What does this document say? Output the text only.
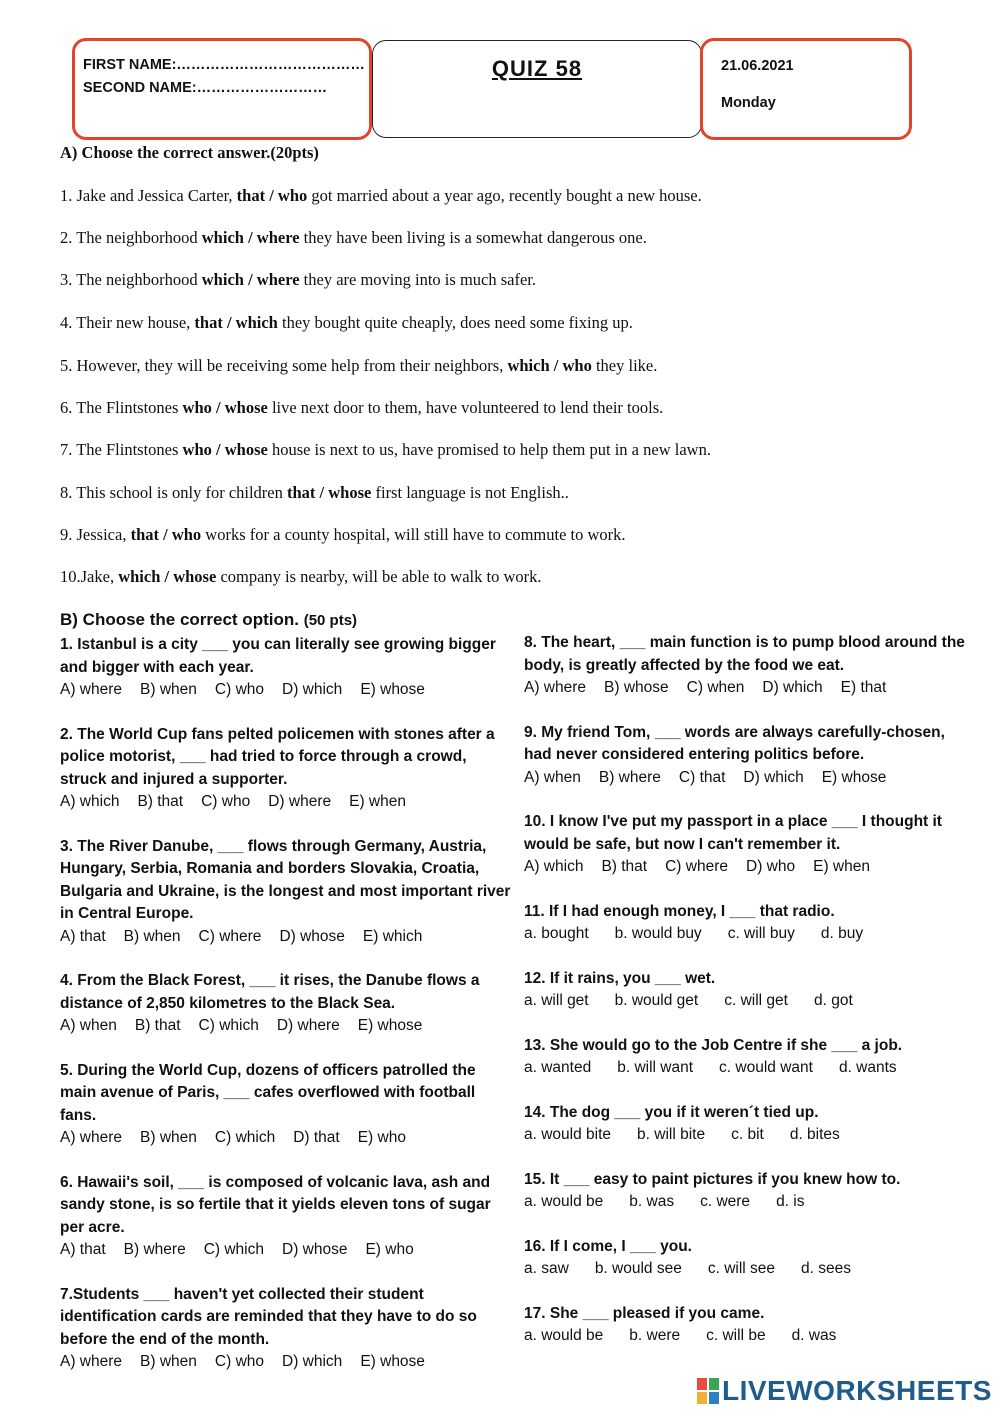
FIRST NAME:…………………………………
SECOND NAME:………………………
QUIZ 58	21.06.2021
Monday
A) Choose the correct answer.(20pts)
1. Jake and Jessica Carter, that / who got married about a year ago, recently bought a new house.
2. The neighborhood which / where they have been living is a somewhat dangerous one.
3. The neighborhood which / where they are moving into is much safer.
4. Their new house, that / which they bought quite cheaply, does need some fixing up.
5. However, they will be receiving some help from their neighbors, which / who they like.
6. The Flintstones who / whose live next door to them, have volunteered to lend their tools.
7. The Flintstones who / whose house is next to us, have promised to help them put in a new lawn.
8. This school is only for children that / whose first language is not English..
9. Jessica, that / who works for a county hospital, will still have to commute to work.
10.Jake, which / whose company is nearby, will be able to walk to work.
B) Choose the correct option. (50 pts)
1. Istanbul is a city ___ you can literally see growing bigger and bigger with each year.
A) where B) when C) who D) which E) whose
2. The World Cup fans pelted policemen with stones after a police motorist, ___ had tried to force through a crowd, struck and injured a supporter.
A) which B) that C) who D) where E) when
3. The River Danube, ___ flows through Germany, Austria, Hungary, Serbia, Romania and borders Slovakia, Croatia, Bulgaria and Ukraine, is the longest and most important river in Central Europe.
A) that B) when C) where D) whose E) which
4. From the Black Forest, ___ it rises, the Danube flows a distance of 2,850 kilometres to the Black Sea.
A) when B) that C) which D) where E) whose
5. During the World Cup, dozens of officers patrolled the main avenue of Paris, ___ cafes overflowed with football fans.
A) where B) when C) which D) that E) who
6. Hawaii's soil, ___ is composed of volcanic lava, ash and sandy stone, is so fertile that it yields eleven tons of sugar per acre.
A) that B) where C) which D) whose E) who
7.Students ___ haven't yet collected their student identification cards are reminded that they have to do so before the end of the month.
A) where B) when C) who D) which E) whose
8. The heart, ___ main function is to pump blood around the body, is greatly affected by the food we eat.
A) where B) whose C) when D) which E) that
9. My friend Tom, ___ words are always carefully-chosen, had never considered entering politics before.
A) when B) where C) that D) which E) whose
10. I know I've put my passport in a place ___ I thought it would be safe, but now I can't remember it.
A) which B) that C) where D) who E) when
11. If I had enough money, I ___ that radio.
a. bought b. would buy c. will buy d. buy
12. If it rains, you ___ wet.
a. will get b. would get c. will get d. got
13. She would go to the Job Centre if she ___ a job.
a. wanted b. will want c. would want d. wants
14. The dog ___ you if it weren´t tied up.
a. would bite b. will bite c. bit d. bites
15. It ___ easy to paint pictures if you knew how to.
a. would be b. was c. were d. is
16. If I come, I ___ you.
a. saw b. would see c. will see d. sees
17. She ___ pleased if you came.
a. would be b. were c. will be d. was
LIVEWORKSHEETS
